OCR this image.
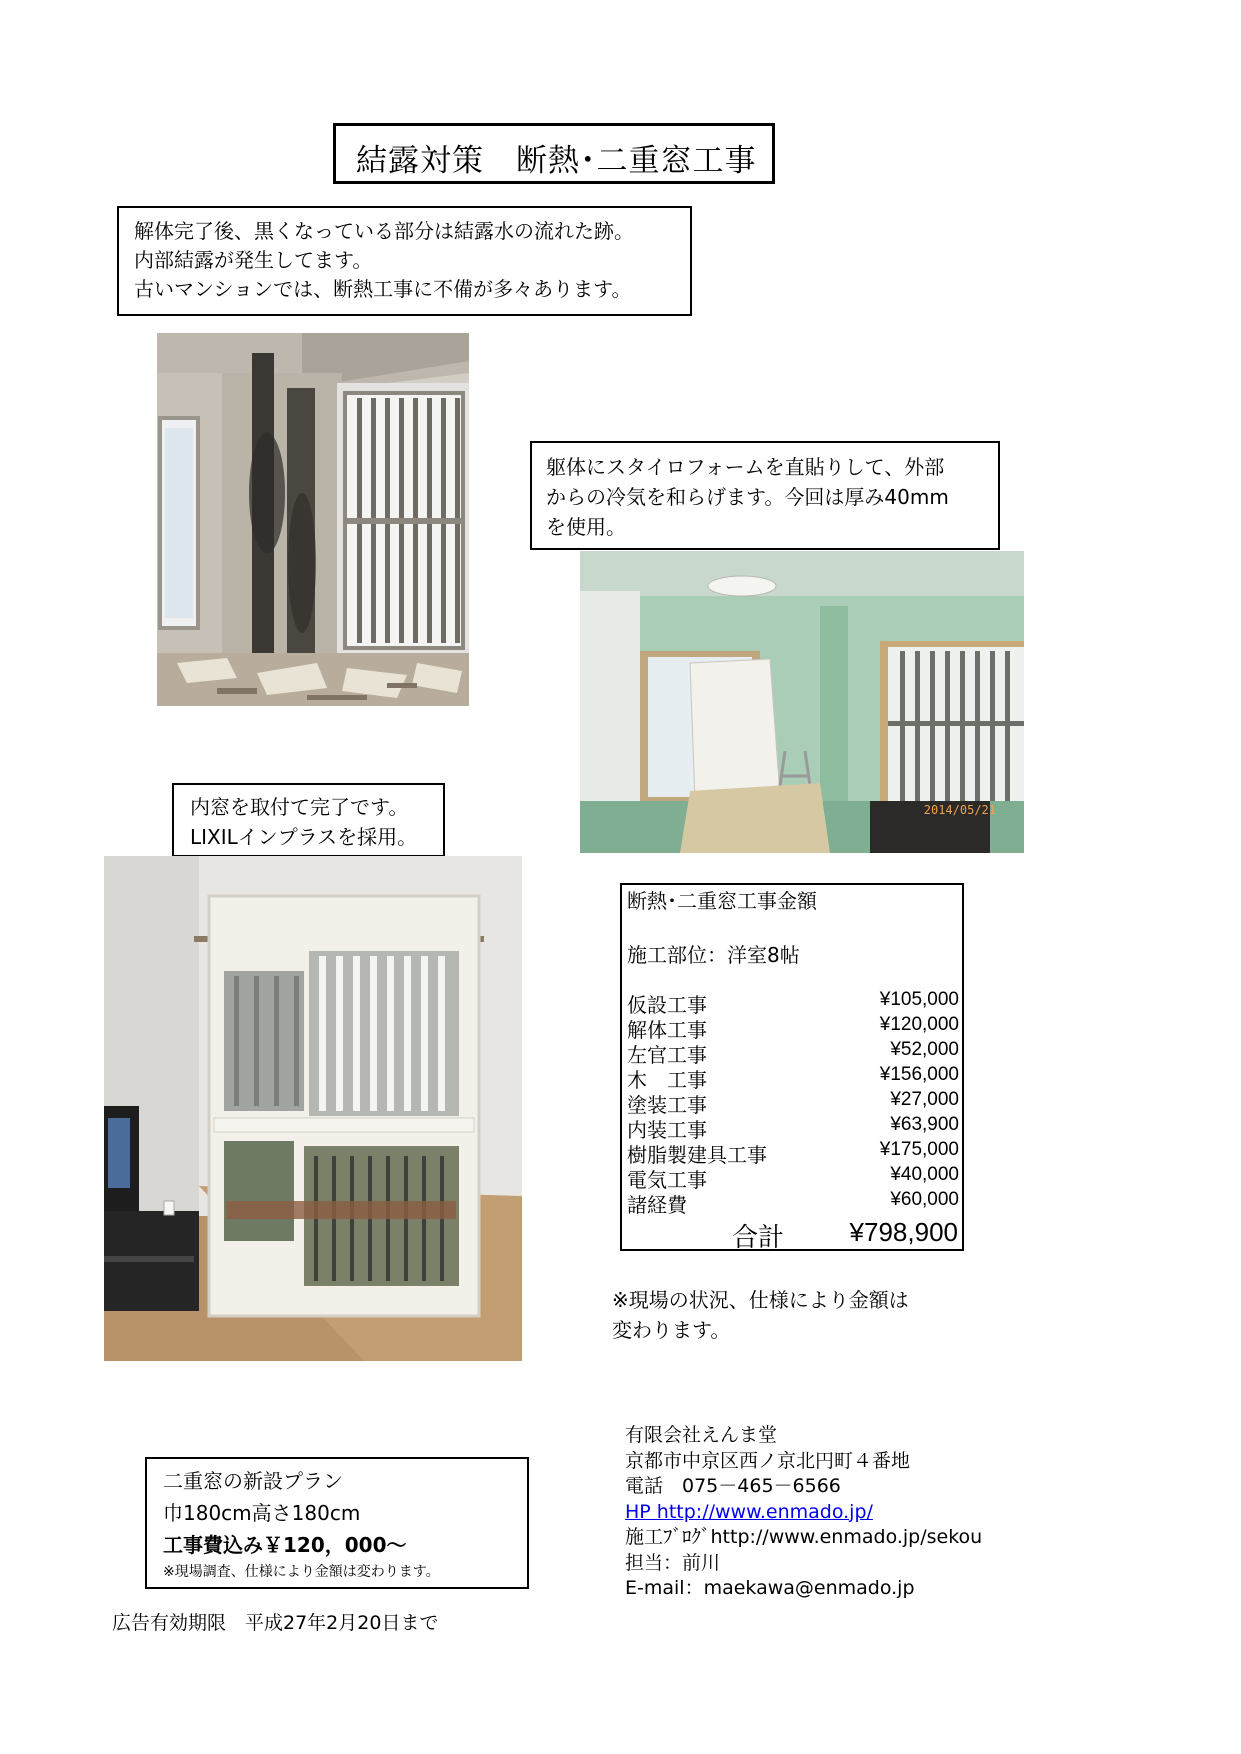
結露対策　断熱･二重窓工事
解体完了後、黒くなっている部分は結露水の流れた跡。
内部結露が発生してます。
古いマンションでは、断熱工事に不備が多々あります。
躯体にスタイロフォームを直貼りして、外部
からの冷気を和らげます。今回は厚み40mm
を使用。
2014/05/21
内窓を取付て完了です。
LIXILインプラスを採用。
断熱･二重窓工事金額
施工部位：洋室8帖
仮設工事	¥105,000
解体工事	¥120,000
左官工事	¥52,000
木　工事	¥156,000
塗装工事	¥27,000
内装工事	¥63,900
樹脂製建具工事	¥175,000
電気工事	¥40,000
諸経費	¥60,000
合計	¥798,900
※現場の状況、仕様により金額は
変わります。
二重窓の新設プラン
巾180cm高さ180cm
工事費込み￥120，000～
※現場調査、仕様により金額は変わります。
広告有効期限　平成27年2月20日まで
有限会社えんま堂
京都市中京区西ノ京北円町４番地
電話　075－465－6566
HP http://www.enmado.jp/
施工ﾌﾞﾛｸﾞhttp://www.enmado.jp/sekou
担当：前川
E-mail：maekawa@enmado.jp
